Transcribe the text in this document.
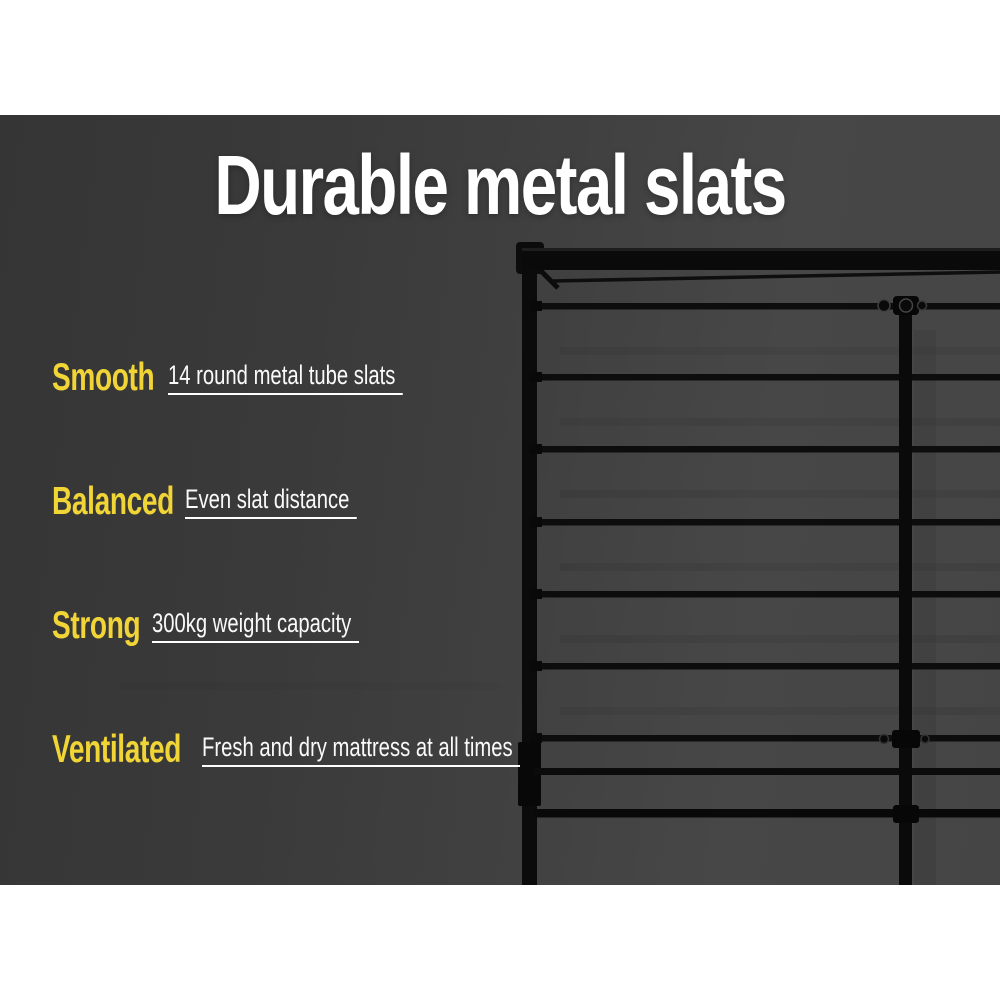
Durable metal slats
Smooth 14 round metal tube slats
Balanced Even slat distance
Strong 300kg weight capacity
Ventilated Fresh and dry mattress at all times
